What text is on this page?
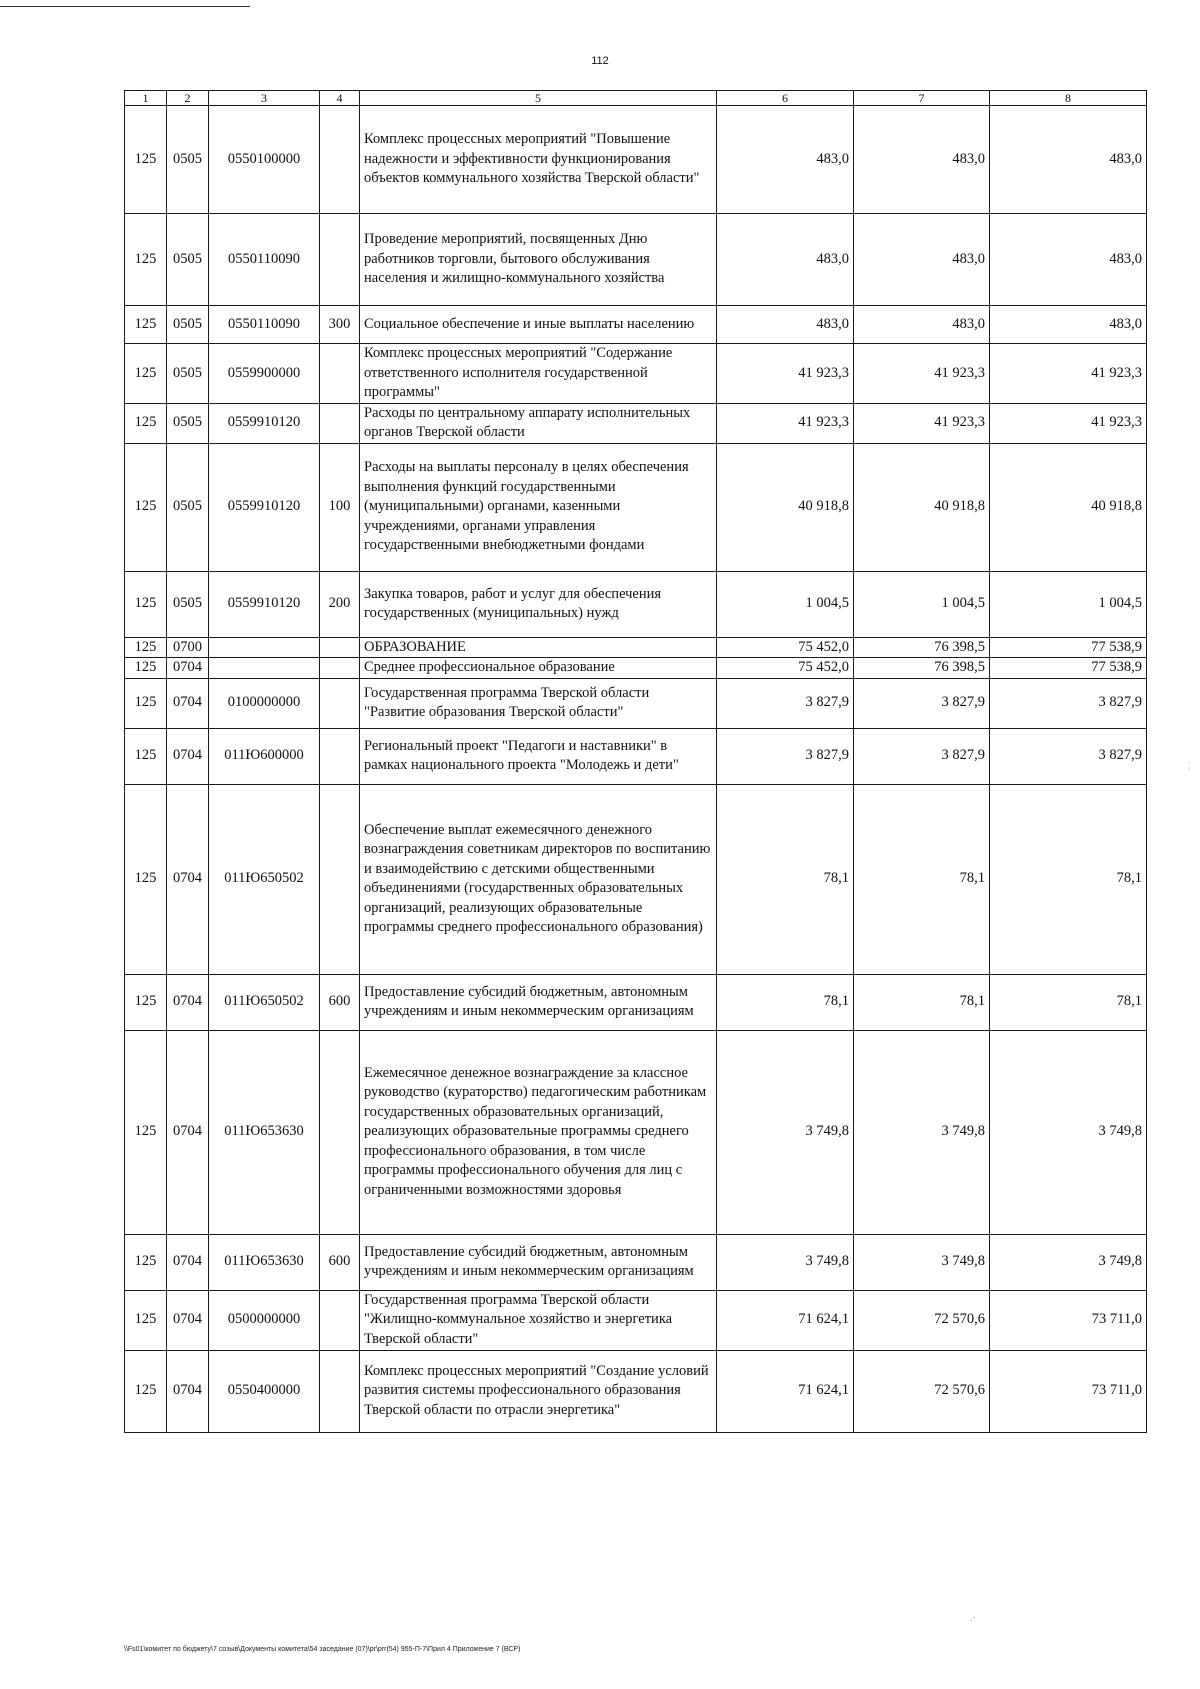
112
1	2	3	4	5	6	7	8
125	0505	0550100000		Комплекс процессных мероприятий "Повышение надежности и эффективности функционирования объектов коммунального хозяйства Тверской области"	483,0	483,0	483,0
125	0505	0550110090		Проведение мероприятий, посвященных Дню работников торговли, бытового обслуживания населения и жилищно-коммунального хозяйства	483,0	483,0	483,0
125	0505	0550110090	300	Социальное обеспечение и иные выплаты населению	483,0	483,0	483,0
125	0505	0559900000		Комплекс процессных мероприятий "Содержание ответственного исполнителя государственной программы"	41 923,3	41 923,3	41 923,3
125	0505	0559910120		Расходы по центральному аппарату исполнительных органов Тверской области	41 923,3	41 923,3	41 923,3
125	0505	0559910120	100	Расходы на выплаты персоналу в целях обеспечения выполнения функций государственными (муниципальными) органами, казенными учреждениями, органами управления государственными внебюджетными фондами	40 918,8	40 918,8	40 918,8
125	0505	0559910120	200	Закупка товаров, работ и услуг для обеспечения государственных (муниципальных) нужд	1 004,5	1 004,5	1 004,5
125	0700			ОБРАЗОВАНИЕ	75 452,0	76 398,5	77 538,9
125	0704			Среднее профессиональное образование	75 452,0	76 398,5	77 538,9
125	0704	0100000000		Государственная программа Тверской области "Развитие образования Тверской области"	3 827,9	3 827,9	3 827,9
125	0704	011Ю600000		Региональный проект "Педагоги и наставники" в рамках национального проекта "Молодежь и дети"	3 827,9	3 827,9	3 827,9
125	0704	011Ю650502		Обеспечение выплат ежемесячного денежного вознаграждения советникам директоров по воспитанию и взаимодействию с детскими общественными объединениями (государственных образовательных организаций, реализующих образовательные программы среднего профессионального образования)	78,1	78,1	78,1
125	0704	011Ю650502	600	Предоставление субсидий бюджетным, автономным учреждениям и иным некоммерческим организациям	78,1	78,1	78,1
125	0704	011Ю653630		Ежемесячное денежное вознаграждение за классное руководство (кураторство) педагогическим работникам государственных образовательных организаций, реализующих образовательные программы среднего профессионального образования, в том числе программы профессионального обучения для лиц с ограниченными возможностями здоровья	3 749,8	3 749,8	3 749,8
125	0704	011Ю653630	600	Предоставление субсидий бюджетным, автономным учреждениям и иным некоммерческим организациям	3 749,8	3 749,8	3 749,8
125	0704	0500000000		Государственная программа Тверской области "Жилищно-коммунальное хозяйство и энергетика Тверской области"	71 624,1	72 570,6	73 711,0
125	0704	0550400000		Комплекс процессных мероприятий "Создание условий развития системы профессионального образования Тверской области по отрасли энергетика"	71 624,1	72 570,6	73 711,0
\\Fs01\комитет по бюджету\7 созыв\Документы комитета\54 заседание (07)\pr\prr(54) 955-П-7\Прил 4 Приложение 7 (ВСР)
.·
¦
